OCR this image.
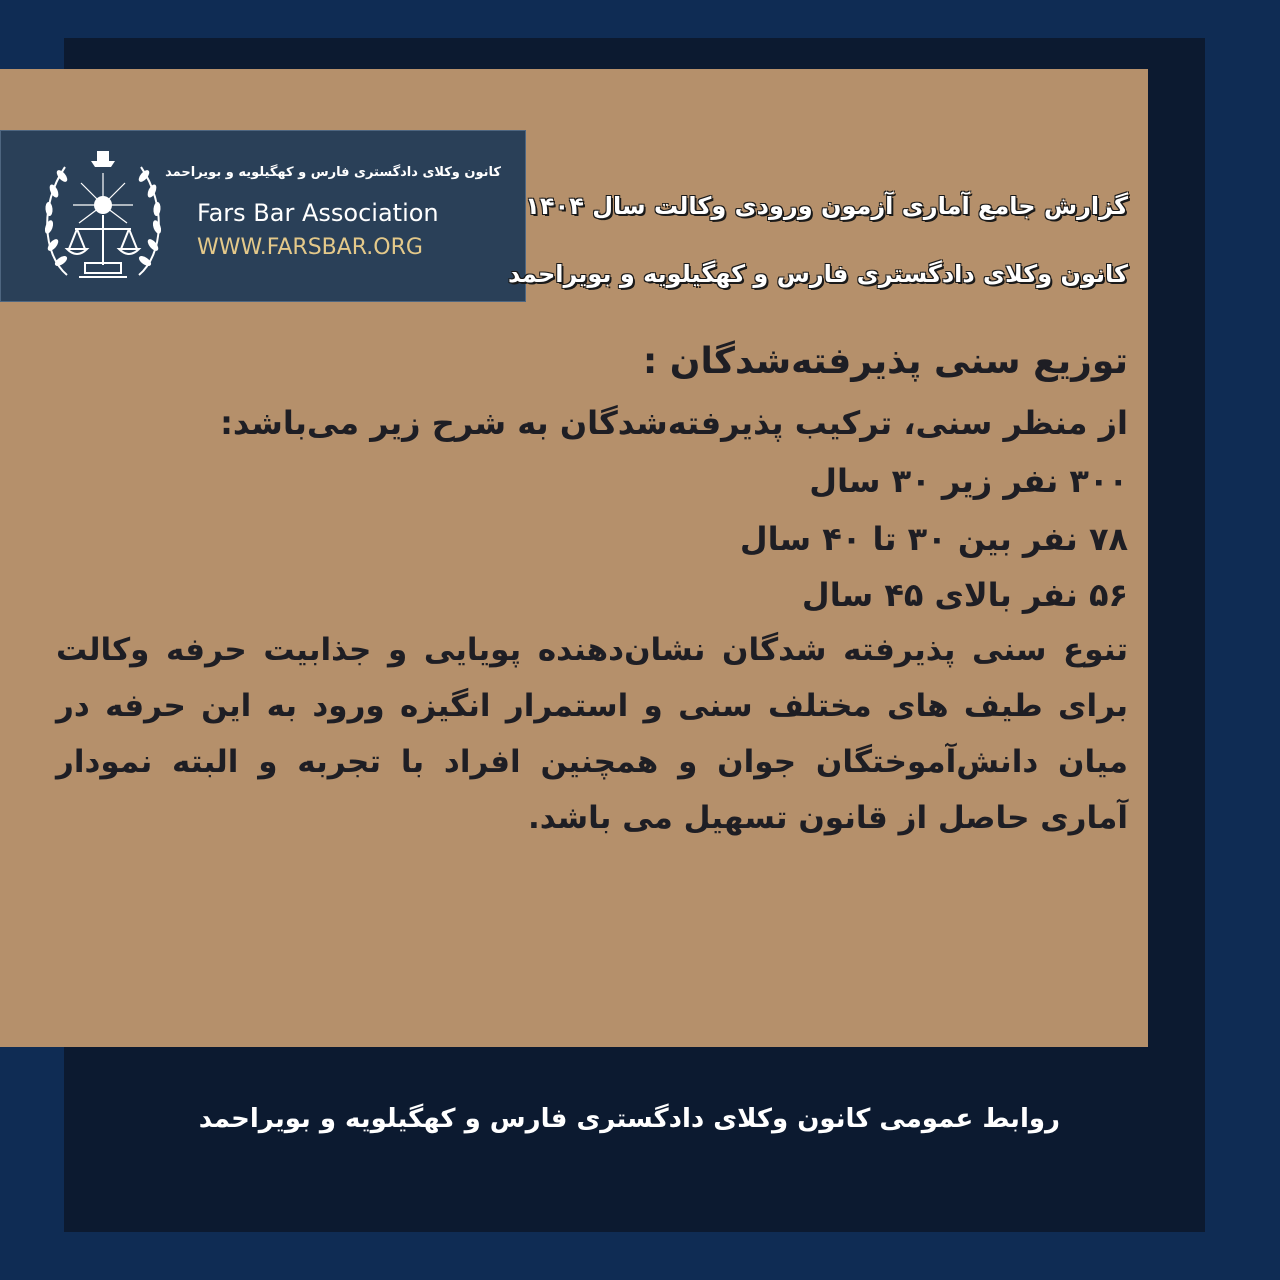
کانون وکلای دادگستری فارس و کهگیلویه و بویراحمد
Fars Bar Association
WWW.FARSBAR.ORG
گزارش جامع آماری آزمون ورودی وکالت سال ۱۴۰۴
کانون وکلای دادگستری فارس و کهگیلویه و بویراحمد
توزیع سنی پذیرفته‌شدگان :
از منظر سنی، ترکیب پذیرفته‌شدگان به شرح زیر می‌باشد:
۳۰۰ نفر زیر ۳۰ سال
۷۸ نفر بین ۳۰ تا ۴۰ سال
۵۶ نفر بالای ۴۵ سال
تنوع سنی پذیرفته شدگان نشان‌دهنده پویایی و جذابیت حرفه وکالت برای طیف های مختلف سنی و استمرار انگیزه ورود به این حرفه در میان دانش‌آموختگان جوان و همچنین افراد با تجربه و البته نمودار آماری حاصل از قانون تسهیل می باشد.
روابط عمومی کانون وکلای دادگستری فارس و کهگیلویه و بویراحمد
